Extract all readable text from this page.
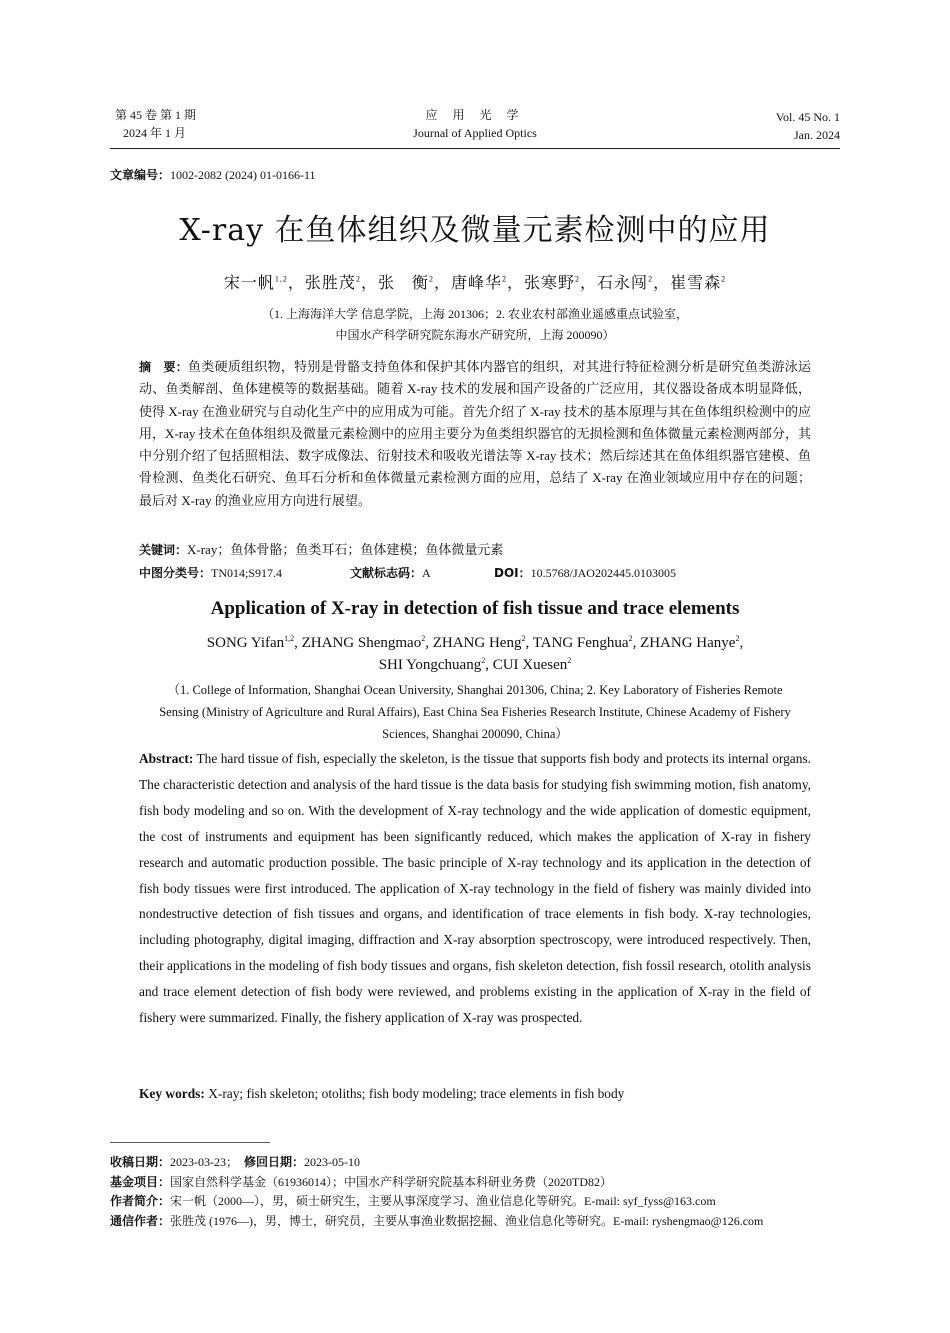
第 45 卷 第 1 期
2024 年 1 月
应 用 光 学
Journal of Applied Optics
Vol. 45 No. 1
Jan. 2024
文章编号：1002-2082 (2024) 01-0166-11
X-ray 在鱼体组织及微量元素检测中的应用
宋一帆$^{1,2}$，张胜茂$^2$，张　衡$^2$，唐峰华$^2$，张寒野$^2$，石永闯$^2$，崔雪森$^2$
（1. 上海海洋大学 信息学院，上海 201306；2. 农业农村部渔业遥感重点试验室，
中国水产科学研究院东海水产研究所，上海 200090）
摘　要：鱼类硬质组织物，特别是骨骼支持鱼体和保护其体内器官的组织，对其进行特征检测分析是研究鱼类游泳运动、鱼类解剖、鱼体建模等的数据基础。随着 X-ray 技术的发展和国产设备的广泛应用，其仪器设备成本明显降低，使得 X-ray 在渔业研究与自动化生产中的应用成为可能。首先介绍了 X-ray 技术的基本原理与其在鱼体组织检测中的应用，X-ray 技术在鱼体组织及微量元素检测中的应用主要分为鱼类组织器官的无损检测和鱼体微量元素检测两部分，其中分别介绍了包括照相法、数字成像法、衍射技术和吸收光谱法等 X-ray 技术；然后综述其在鱼体组织器官建模、鱼骨检测、鱼类化石研究、鱼耳石分析和鱼体微量元素检测方面的应用，总结了 X-ray 在渔业领域应用中存在的问题；最后对 X-ray 的渔业应用方向进行展望。
关键词：X-ray；鱼体骨骼；鱼类耳石；鱼体建模；鱼体微量元素
中图分类号：TN014;S917.4	文献标志码：A	DOI：10.5768/JAO202445.0103005
Application of X-ray in detection of fish tissue and trace elements
SONG Yifan$^{1,2}$, ZHANG Shengmao$^2$, ZHANG Heng$^2$, TANG Fenghua$^2$, ZHANG Hanye$^2$,
SHI Yongchuang$^2$, CUI Xuesen$^2$
（1. College of Information, Shanghai Ocean University, Shanghai 201306, China; 2. Key Laboratory of Fisheries Remote Sensing (Ministry of Agriculture and Rural Affairs), East China Sea Fisheries Research Institute, Chinese Academy of Fishery Sciences, Shanghai 200090, China）
Abstract: The hard tissue of fish, especially the skeleton, is the tissue that supports fish body and protects its internal organs. The characteristic detection and analysis of the hard tissue is the data basis for studying fish swimming motion, fish anatomy, fish body modeling and so on. With the development of X-ray technology and the wide application of domestic equipment, the cost of instruments and equipment has been significantly reduced, which makes the application of X-ray in fishery research and automatic production possible. The basic principle of X-ray technology and its application in the detection of fish body tissues were first introduced. The application of X-ray technology in the field of fishery was mainly divided into nondestructive detection of fish tissues and organs, and identification of trace elements in fish body. X-ray technologies, including photography, digital imaging, diffraction and X-ray absorption spectroscopy, were introduced respectively. Then, their applications in the modeling of fish body tissues and organs, fish skeleton detection, fish fossil research, otolith analysis and trace element detection of fish body were reviewed, and problems existing in the application of X-ray in the field of fishery were summarized. Finally, the fishery application of X-ray was prospected.
Key words: X-ray; fish skeleton; otoliths; fish body modeling; trace elements in fish body
收稿日期：2023-03-23； 修回日期：2023-05-10
基金项目：国家自然科学基金（61936014）；中国水产科学研究院基本科研业务费（2020TD82）
作者简介：宋一帆（2000—），男，硕士研究生，主要从事深度学习、渔业信息化等研究。E-mail: syf_fyss@163.com
通信作者：张胜茂 (1976—)，男，博士，研究员，主要从事渔业数据挖掘、渔业信息化等研究。E-mail: ryshengmao@126.com
